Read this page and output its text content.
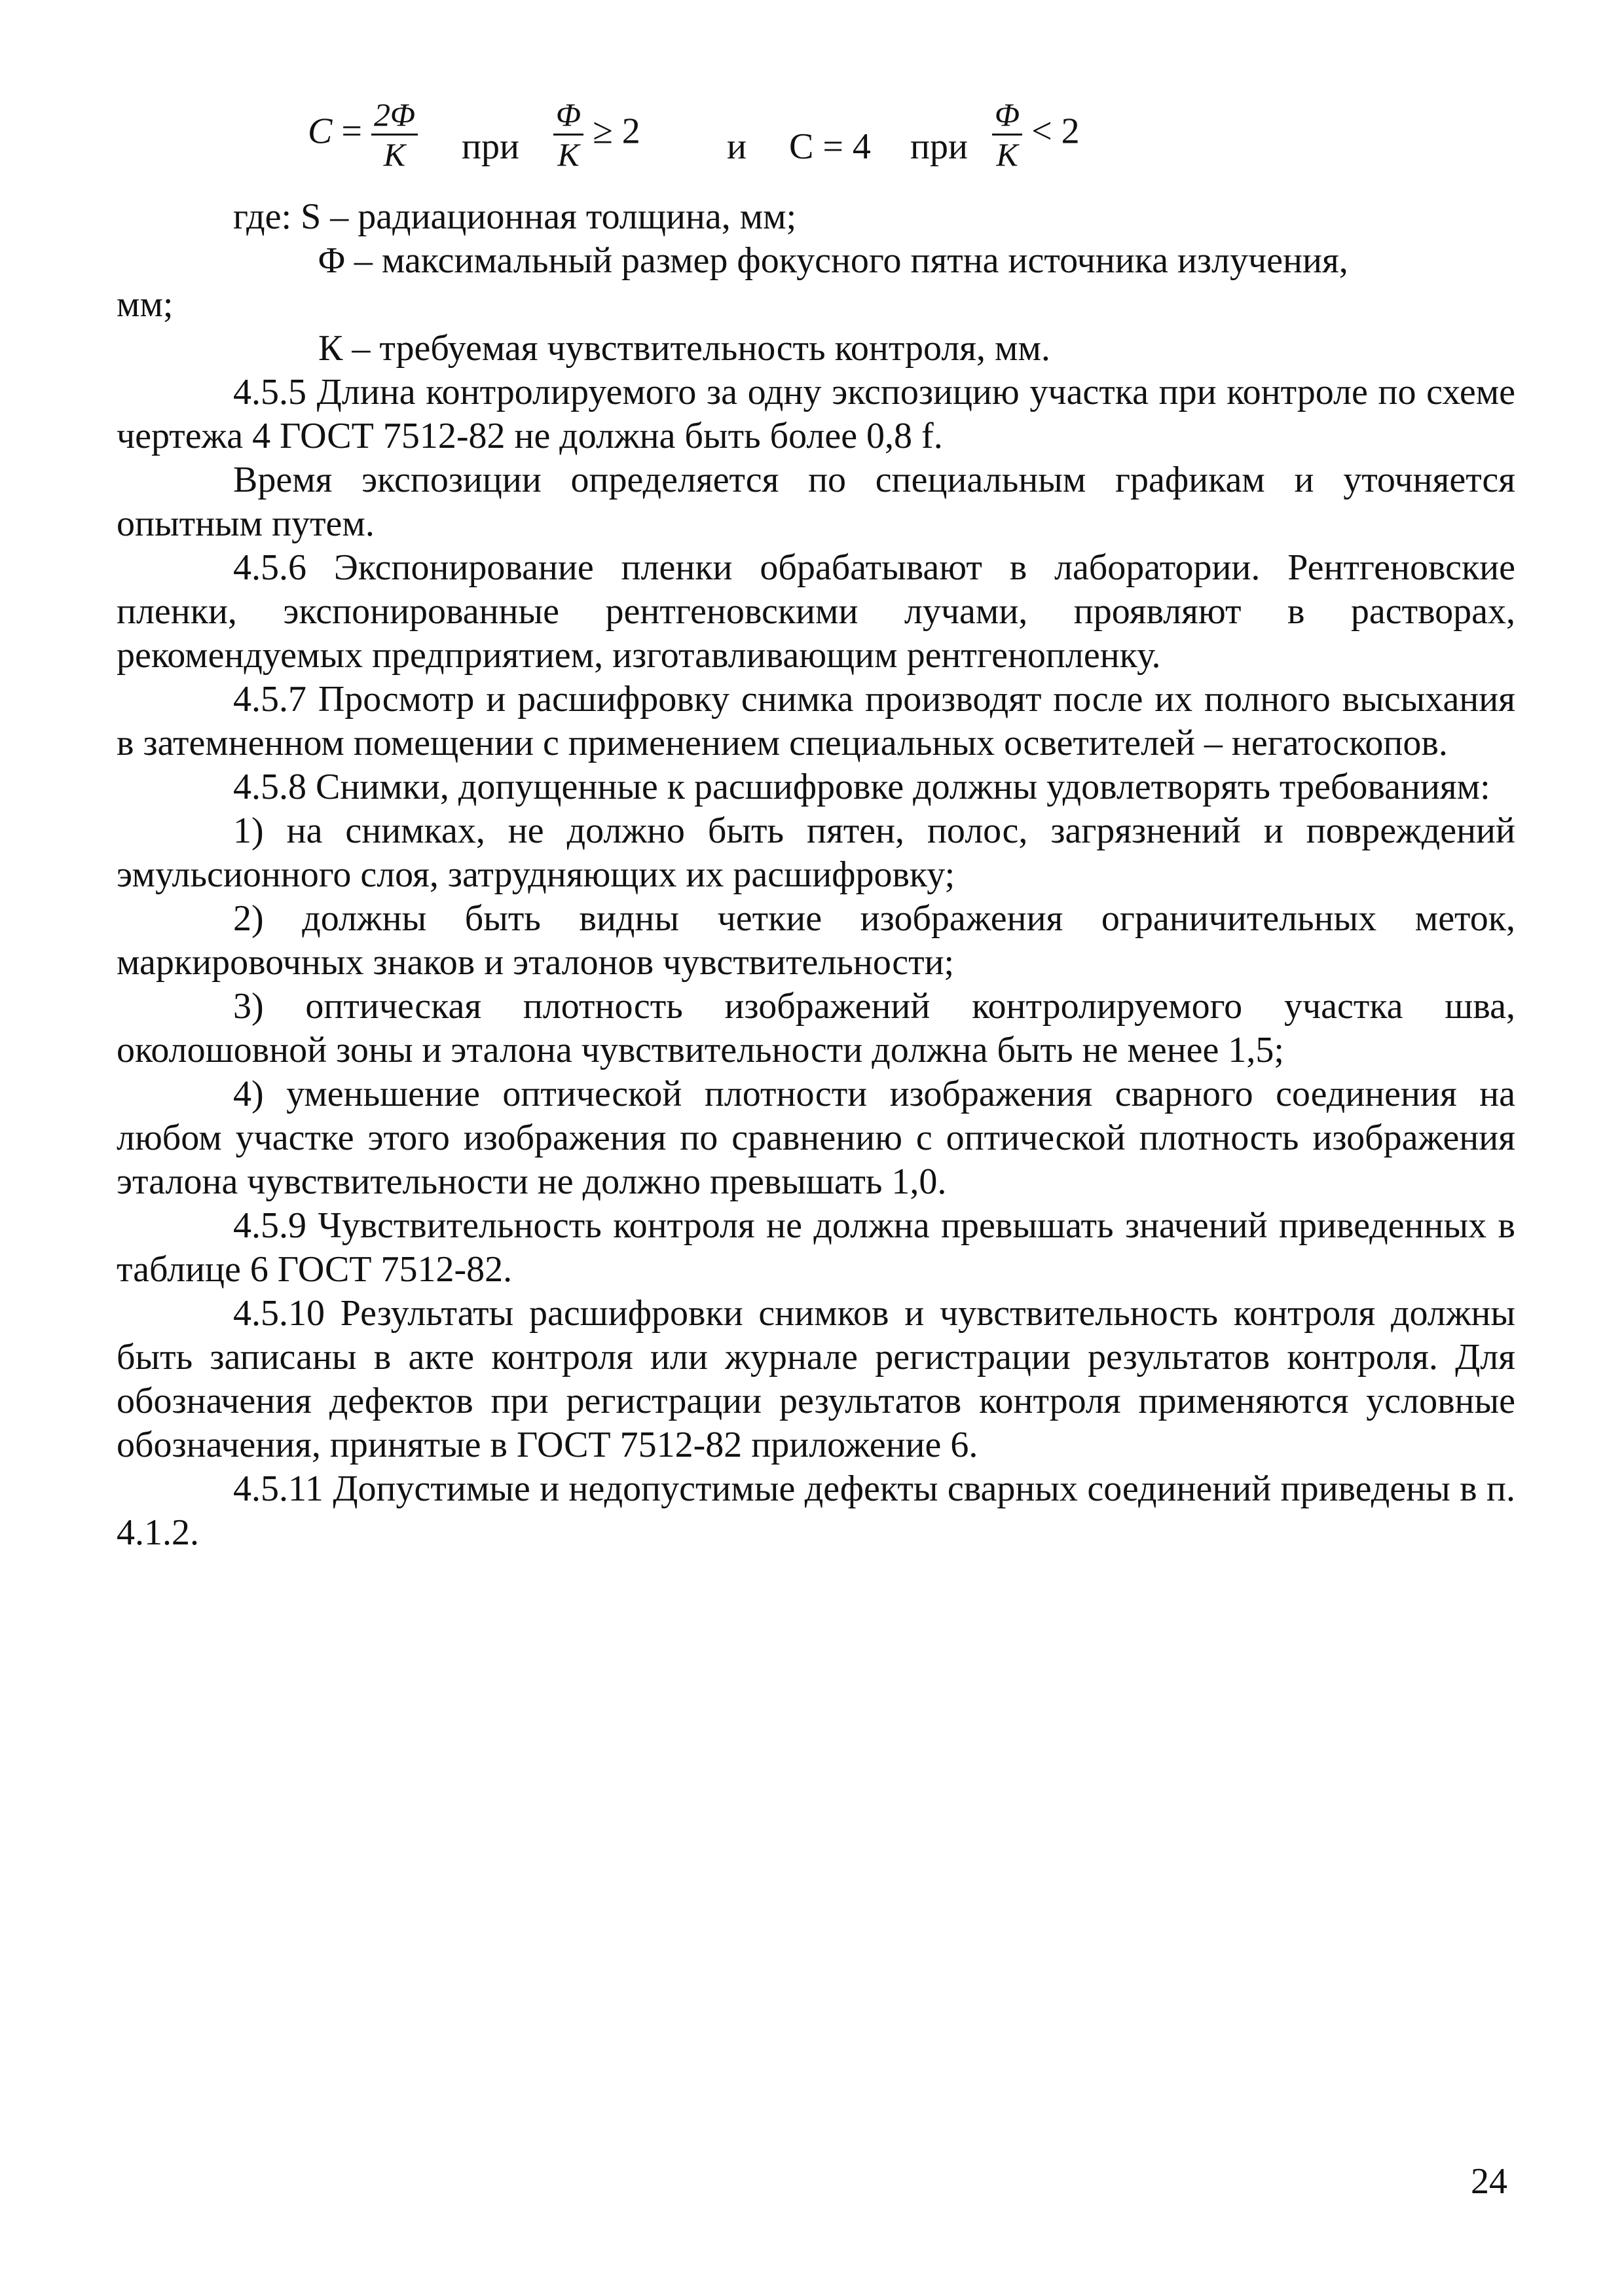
$C = \frac{2\Phi}{K}$ при $\frac{\Phi}{K} \ge 2$ и C = 4 при $\frac{\Phi}{K} < 2$

где: S – радиационная толщина, мм;

Φ – максимальный размер фокусного пятна источника излучения,

мм;

К – требуемая чувствительность контроля, мм.

4.5.5 Длина контролируемого за одну экспозицию участка при контроле по схеме чертежа 4 ГОСТ 7512-82 не должна быть более 0,8 f.

Время экспозиции определяется по специальным графикам и уточняется опытным путем.

4.5.6 Экспонирование пленки обрабатывают в лаборатории. Рентгеновские пленки, экспонированные рентгеновскими лучами, проявляют в растворах, рекомендуемых предприятием, изготавливающим рентгенопленку.

4.5.7 Просмотр и расшифровку снимка производят после их полного высыхания в затемненном помещении с применением специальных осветителей – негатоскопов.

4.5.8 Снимки, допущенные к расшифровке должны удовлетворять требованиям:

1) на снимках, не должно быть пятен, полос, загрязнений и повреждений эмульсионного слоя, затрудняющих их расшифровку;

2) должны быть видны четкие изображения ограничительных меток, маркировочных знаков и эталонов чувствительности;

3) оптическая плотность изображений контролируемого участка шва, околошовной зоны и эталона чувствительности должна быть не менее 1,5;

4) уменьшение оптической плотности изображения сварного соединения на любом участке этого изображения по сравнению с оптической плотность изображения эталона чувствительности не должно превышать 1,0.

4.5.9 Чувствительность контроля не должна превышать значений приведенных в таблице 6 ГОСТ 7512-82.

4.5.10 Результаты расшифровки снимков и чувствительность контроля должны быть записаны в акте контроля или журнале регистрации результатов контроля. Для обозначения дефектов при регистрации результатов контроля применяются условные обозначения, принятые в ГОСТ 7512-82 приложение 6.

4.5.11 Допустимые и недопустимые дефекты сварных соединений приведены в п. 4.1.2.

24
